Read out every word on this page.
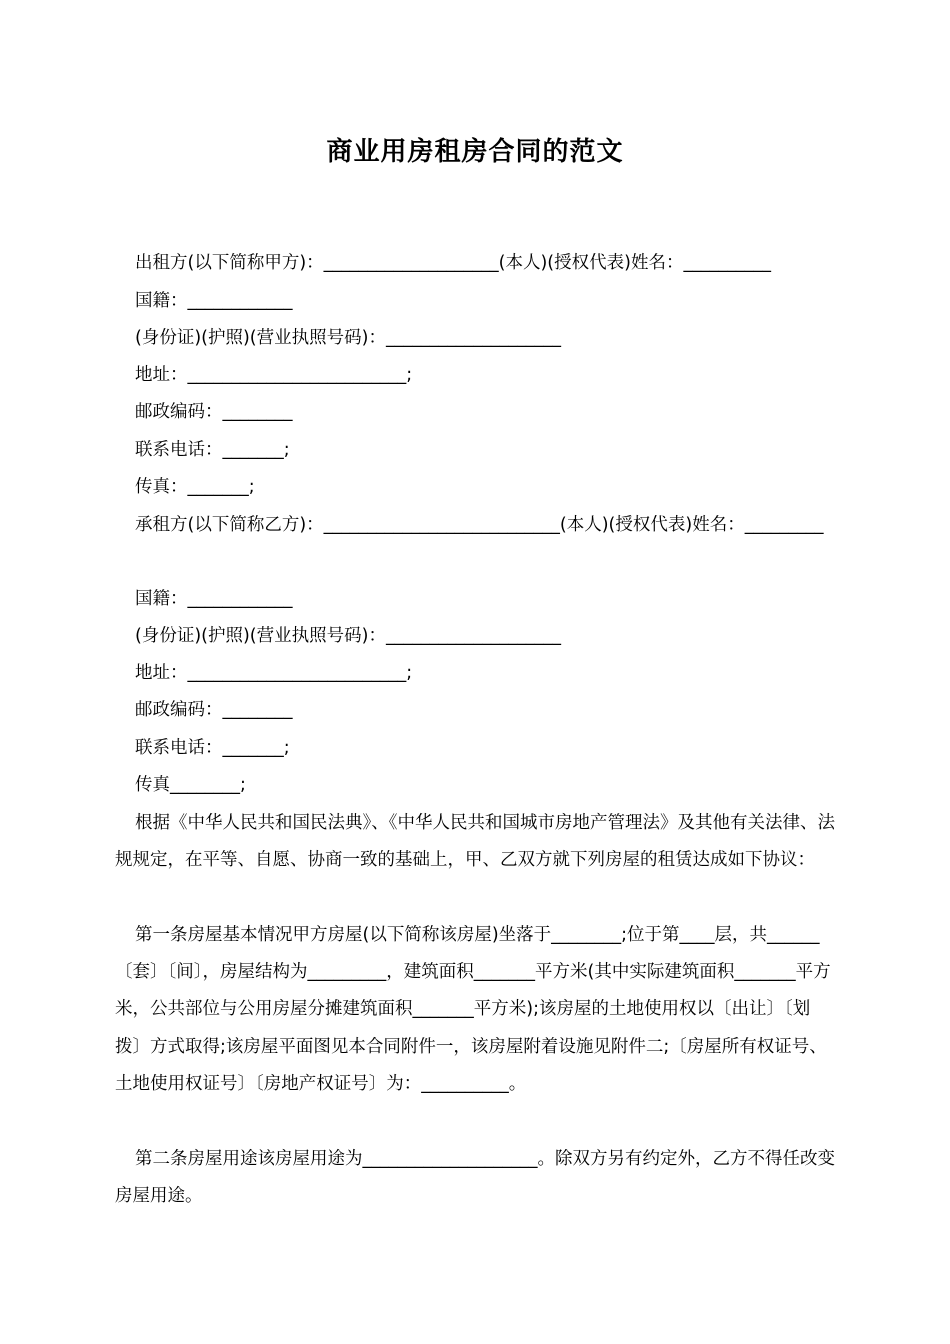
商业用房租房合同的范文
出租方(以下简称甲方)：____________________(本人)(授权代表)姓名：__________
国籍：____________
(身份证)(护照)(营业执照号码)：____________________
地址：_________________________;
邮政编码：________
联系电话：_______;
传真：_______;
承租方(以下简称乙方)：___________________________(本人)(授权代表)姓名：_________
国籍：____________
(身份证)(护照)(营业执照号码)：____________________
地址：_________________________;
邮政编码：________
联系电话：_______;
传真________;
根据《中华人民共和国民法典》、《中华人民共和国城市房地产管理法》及其他有关法律、法规规定，在平等、自愿、协商一致的基础上，甲、乙双方就下列房屋的租赁达成如下协议：
第一条房屋基本情况甲方房屋(以下简称该房屋)坐落于________;位于第____层，共______〔套〕〔间〕，房屋结构为_________，建筑面积_______平方米(其中实际建筑面积_______平方米，公共部位与公用房屋分摊建筑面积_______平方米);该房屋的土地使用权以〔出让〕〔划拨〕方式取得;该房屋平面图见本合同附件一，该房屋附着设施见附件二;〔房屋所有权证号、土地使用权证号〕〔房地产权证号〕为：__________。
第二条房屋用途该房屋用途为____________________。除双方另有约定外，乙方不得任改变房屋用途。
